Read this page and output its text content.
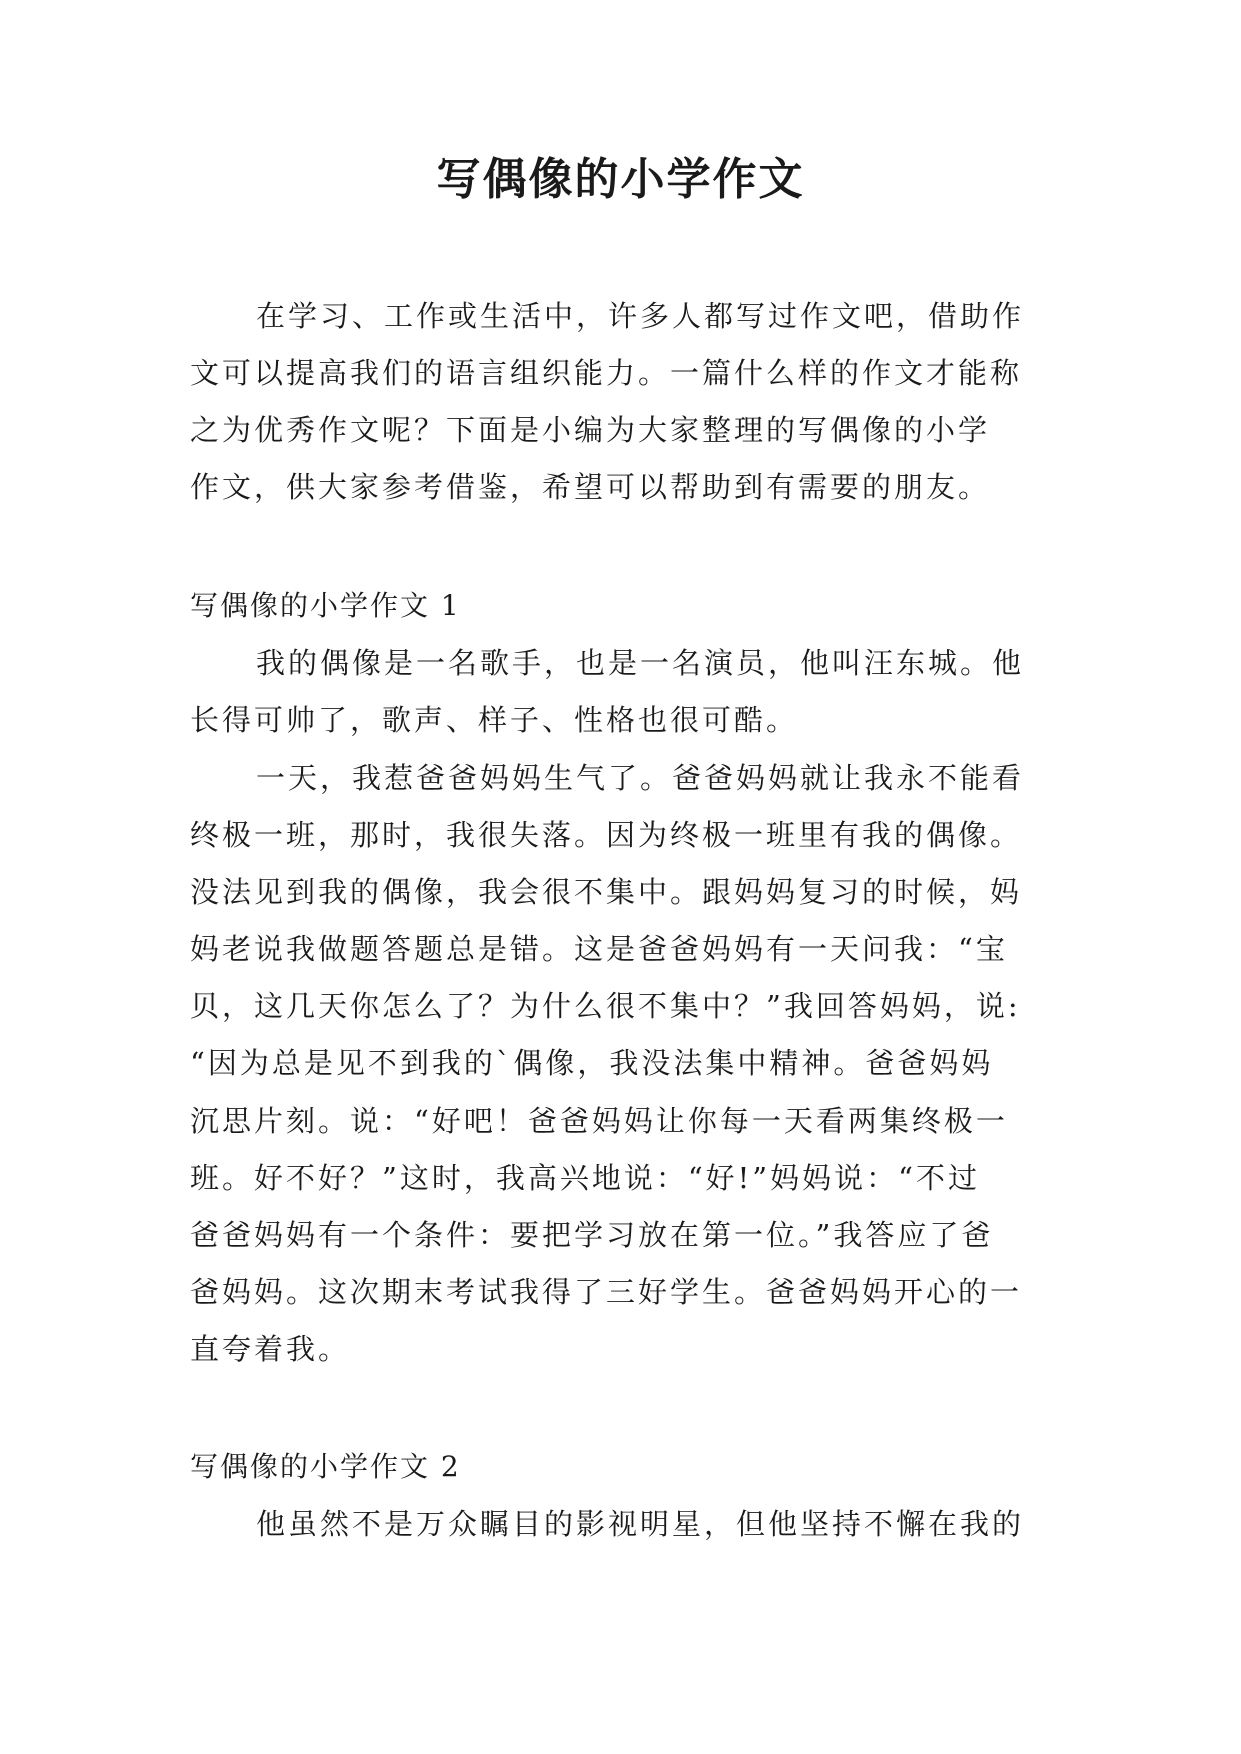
写偶像的小学作文
在学习、工作或生活中，许多人都写过作文吧，借助作
文可以提高我们的语言组织能力。一篇什么样的作文才能称
之为优秀作文呢？下面是小编为大家整理的写偶像的小学
作文，供大家参考借鉴，希望可以帮助到有需要的朋友。
写偶像的小学作文 1
我的偶像是一名歌手，也是一名演员，他叫汪东城。他
长得可帅了，歌声、样子、性格也很可酷。
一天，我惹爸爸妈妈生气了。爸爸妈妈就让我永不能看
终极一班，那时，我很失落。因为终极一班里有我的偶像。
没法见到我的偶像，我会很不集中。跟妈妈复习的时候，妈
妈老说我做题答题总是错。这是爸爸妈妈有一天问我：“宝
贝，这几天你怎么了？为什么很不集中？”我回答妈妈，说:
“因为总是见不到我的`偶像，我没法集中精神。爸爸妈妈
沉思片刻。说：“好吧！爸爸妈妈让你每一天看两集终极一
班。好不好？”这时，我高兴地说：“好!”妈妈说：“不过
爸爸妈妈有一个条件：要把学习放在第一位。”我答应了爸
爸妈妈。这次期末考试我得了三好学生。爸爸妈妈开心的一
直夸着我。
写偶像的小学作文 2
他虽然不是万众瞩目的影视明星，但他坚持不懈在我的
